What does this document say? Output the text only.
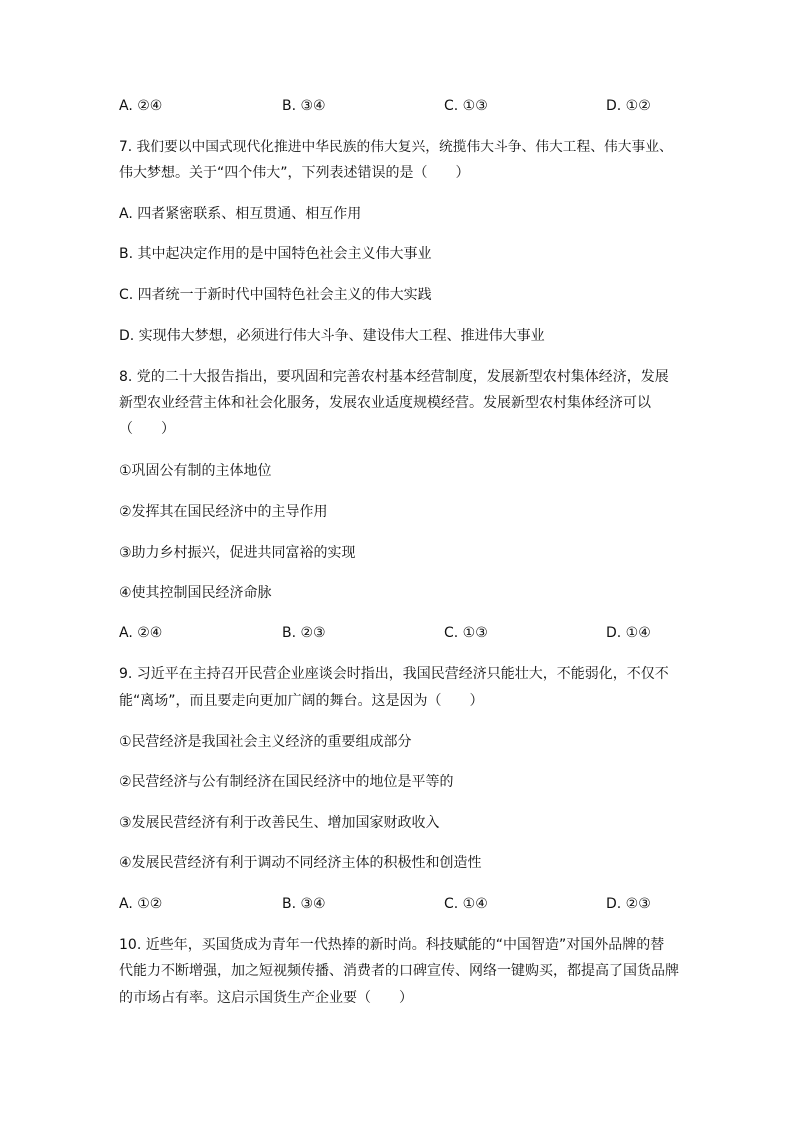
A. ②④	B. ③④	C. ①③	D. ①②
7. 我们要以中国式现代化推进中华民族的伟大复兴，统揽伟大斗争、伟大工程、伟大事业、
伟大梦想。关于“四个伟大”，下列表述错误的是（　　）
A. 四者紧密联系、相互贯通、相互作用
B. 其中起决定作用的是中国特色社会主义伟大事业
C. 四者统一于新时代中国特色社会主义的伟大实践
D. 实现伟大梦想，必须进行伟大斗争、建设伟大工程、推进伟大事业
8. 党的二十大报告指出，要巩固和完善农村基本经营制度，发展新型农村集体经济，发展
新型农业经营主体和社会化服务，发展农业适度规模经营。发展新型农村集体经济可以
（　　）
①巩固公有制的主体地位
②发挥其在国民经济中的主导作用
③助力乡村振兴，促进共同富裕的实现
④使其控制国民经济命脉
A. ②④	B. ②③	C. ①③	D. ①④
9. 习近平在主持召开民营企业座谈会时指出，我国民营经济只能壮大，不能弱化，不仅不
能“离场”，而且要走向更加广阔的舞台。这是因为（　　）
①民营经济是我国社会主义经济的重要组成部分
②民营经济与公有制经济在国民经济中的地位是平等的
③发展民营经济有利于改善民生、增加国家财政收入
④发展民营经济有利于调动不同经济主体的积极性和创造性
A. ①②	B. ③④	C. ①④	D. ②③
10. 近些年，买国货成为青年一代热捧的新时尚。科技赋能的“中国智造”对国外品牌的替
代能力不断增强，加之短视频传播、消费者的口碑宣传、网络一键购买，都提高了国货品牌
的市场占有率。这启示国货生产企业要（　　）
